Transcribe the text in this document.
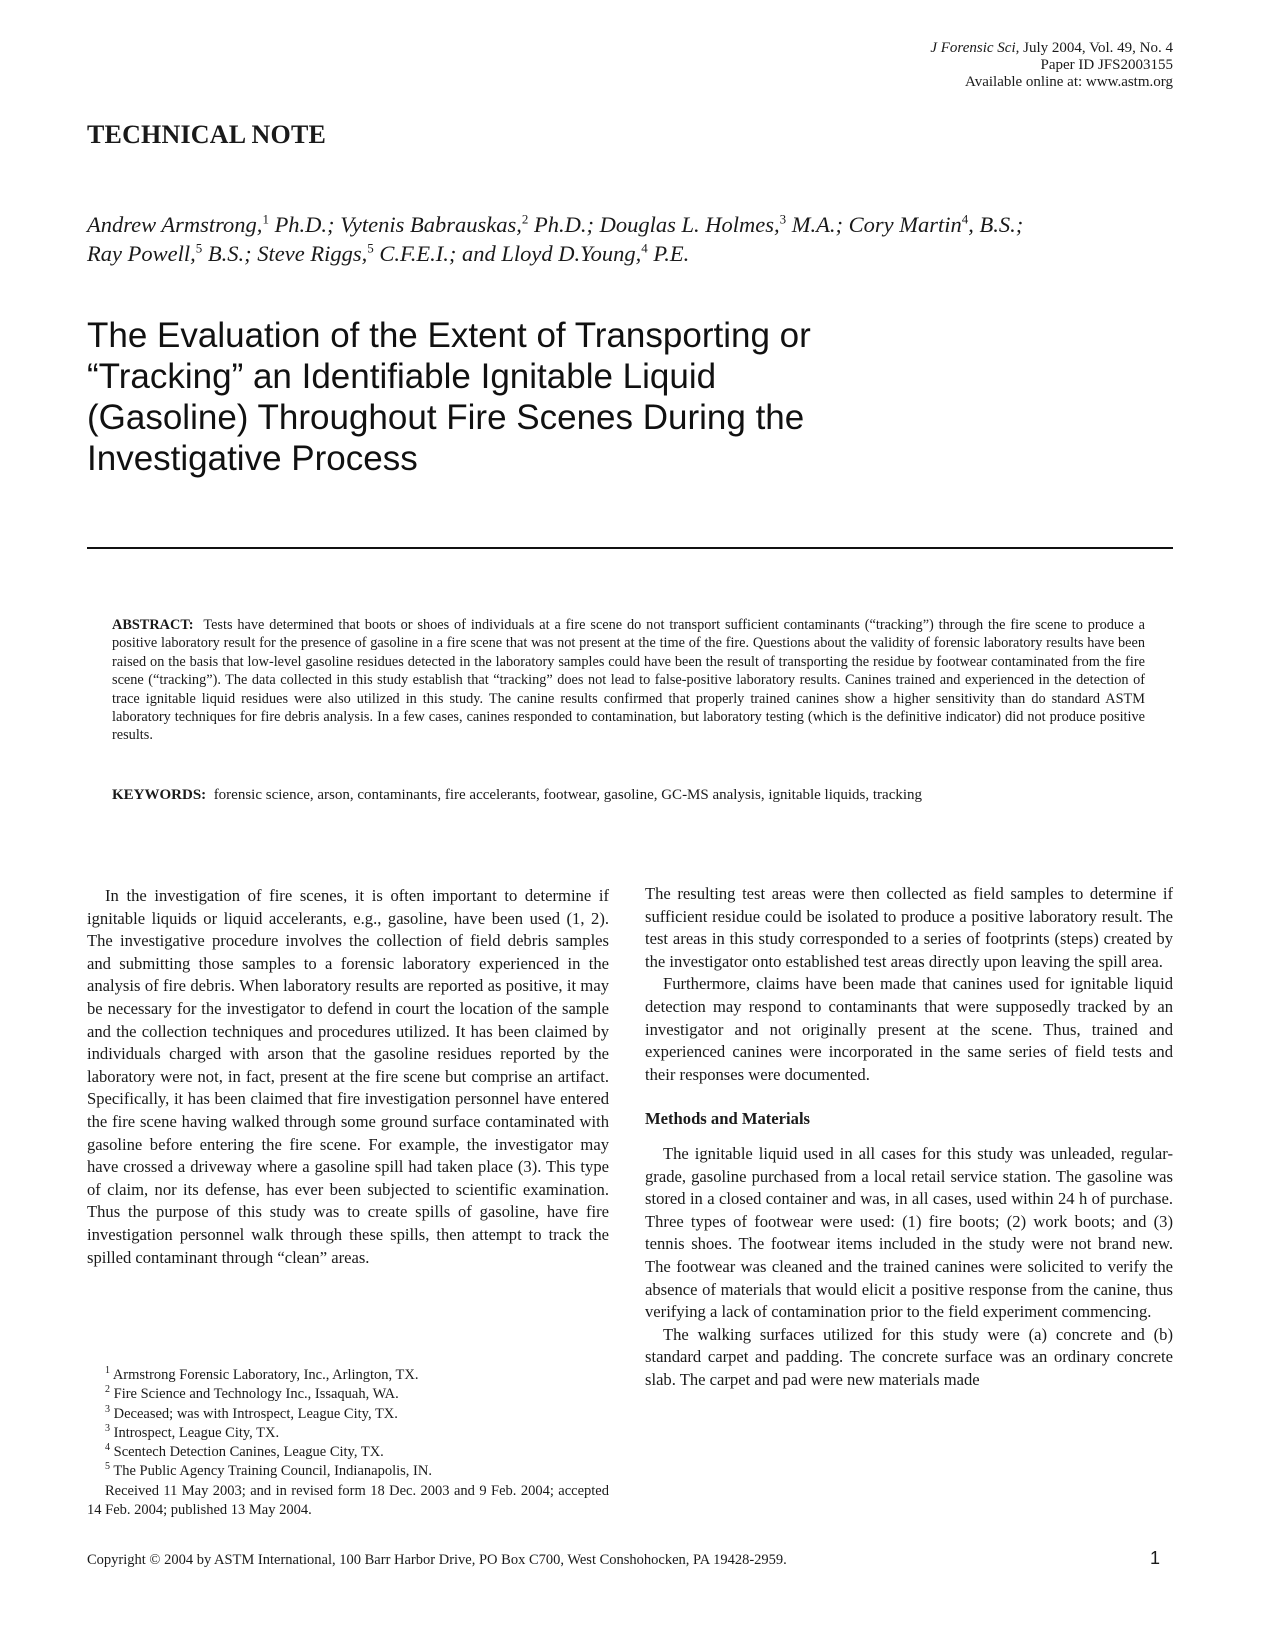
J Forensic Sci, July 2004, Vol. 49, No. 4
Paper ID JFS2003155
Available online at: www.astm.org
TECHNICAL NOTE
Andrew Armstrong,$^1$ Ph.D.; Vytenis Babrauskas,$^2$ Ph.D.; Douglas L. Holmes,$^3$ M.A.; Cory Martin$^4$, B.S.;
Ray Powell,$^5$ B.S.; Steve Riggs,$^5$ C.F.E.I.; and Lloyd D.Young,$^4$ P.E.
The Evaluation of the Extent of Transporting or
“Tracking” an Identifiable Ignitable Liquid
(Gasoline) Throughout Fire Scenes During the
Investigative Process
ABSTRACT: Tests have determined that boots or shoes of individuals at a fire scene do not transport sufficient contaminants (“tracking”) through the fire scene to produce a positive laboratory result for the presence of gasoline in a fire scene that was not present at the time of the fire. Questions about the validity of forensic laboratory results have been raised on the basis that low-level gasoline residues detected in the laboratory samples could have been the result of transporting the residue by footwear contaminated from the fire scene (“tracking”). The data collected in this study establish that “tracking” does not lead to false-positive laboratory results. Canines trained and experienced in the detection of trace ignitable liquid residues were also utilized in this study. The canine results confirmed that properly trained canines show a higher sensitivity than do standard ASTM laboratory techniques for fire debris analysis. In a few cases, canines responded to contamination, but laboratory testing (which is the definitive indicator) did not produce positive results.
KEYWORDS: forensic science, arson, contaminants, fire accelerants, footwear, gasoline, GC-MS analysis, ignitable liquids, tracking

In the investigation of fire scenes, it is often important to determine if ignitable liquids or liquid accelerants, e.g., gasoline, have been used (1, 2). The investigative procedure involves the collection of field debris samples and submitting those samples to a forensic laboratory experienced in the analysis of fire debris. When laboratory results are reported as positive, it may be necessary for the investigator to defend in court the location of the sample and the collection techniques and procedures utilized. It has been claimed by individuals charged with arson that the gasoline residues reported by the laboratory were not, in fact, present at the fire scene but comprise an artifact. Specifically, it has been claimed that fire investigation personnel have entered the fire scene having walked through some ground surface contaminated with gasoline before entering the fire scene. For example, the investigator may have crossed a driveway where a gasoline spill had taken place (3). This type of claim, nor its defense, has ever been subjected to scientific examination. Thus the purpose of this study was to create spills of gasoline, have fire investigation personnel walk through these spills, then attempt to track the spilled contaminant through “clean” areas.

The resulting test areas were then collected as field samples to determine if sufficient residue could be isolated to produce a positive laboratory result. The test areas in this study corresponded to a series of footprints (steps) created by the investigator onto established test areas directly upon leaving the spill area.

Furthermore, claims have been made that canines used for ignitable liquid detection may respond to contaminants that were supposedly tracked by an investigator and not originally present at the scene. Thus, trained and experienced canines were incorporated in the same series of field tests and their responses were documented.

Methods and Materials

The ignitable liquid used in all cases for this study was unleaded, regular-grade, gasoline purchased from a local retail service station. The gasoline was stored in a closed container and was, in all cases, used within 24 h of purchase. Three types of footwear were used: (1) fire boots; (2) work boots; and (3) tennis shoes. The footwear items included in the study were not brand new. The footwear was cleaned and the trained canines were solicited to verify the absence of materials that would elicit a positive response from the canine, thus verifying a lack of contamination prior to the field experiment commencing.

The walking surfaces utilized for this study were (a) concrete and (b) standard carpet and padding. The concrete surface was an ordinary concrete slab. The carpet and pad were new materials made

$^1$ Armstrong Forensic Laboratory, Inc., Arlington, TX.
$^2$ Fire Science and Technology Inc., Issaquah, WA.
$^3$ Deceased; was with Introspect, League City, TX.
$^3$ Introspect, League City, TX.
$^4$ Scentech Detection Canines, League City, TX.
$^5$ The Public Agency Training Council, Indianapolis, IN.
Received 11 May 2003; and in revised form 18 Dec. 2003 and 9 Feb. 2004; accepted 14 Feb. 2004; published 13 May 2004.
Copyright © 2004 by ASTM International, 100 Barr Harbor Drive, PO Box C700, West Conshohocken, PA 19428-2959.	1
